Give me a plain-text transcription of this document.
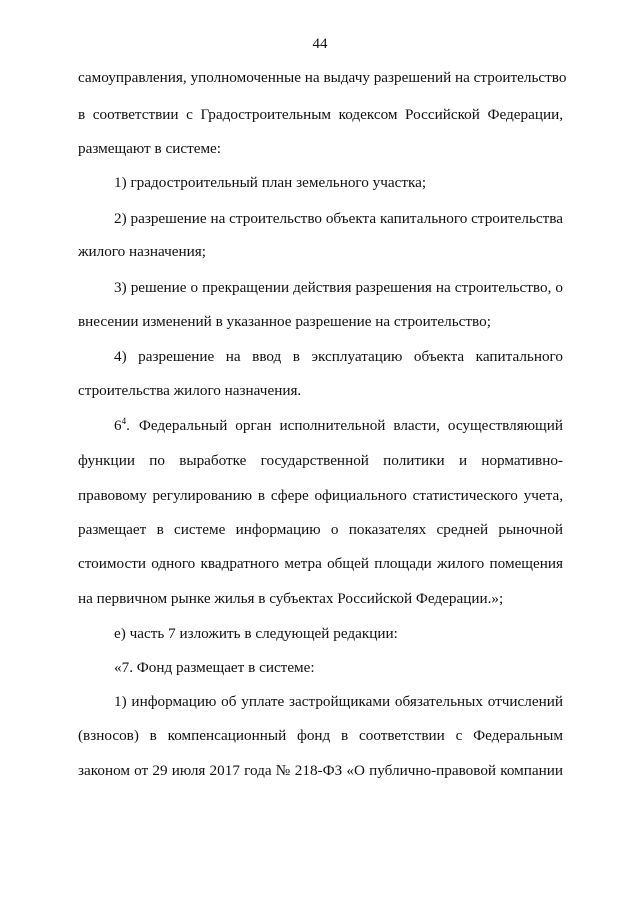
44
самоуправления, уполномоченные на выдачу разрешений на строительство
в соответствии с Градостроительным кодексом Российской Федерации,
размещают в системе:
1) градостроительный план земельного участка;
2) разрешение на строительство объекта капитального строительства
жилого назначения;
3) решение о прекращении действия разрешения на строительство, о
внесении изменений в указанное разрешение на строительство;
4) разрешение на ввод в эксплуатацию объекта капитального
строительства жилого назначения.
$6^4$. Федеральный орган исполнительной власти, осуществляющий
функции по выработке государственной политики и нормативно-
правовому регулированию в сфере официального статистического учета,
размещает в системе информацию о показателях средней рыночной
стоимости одного квадратного метра общей площади жилого помещения
на первичном рынке жилья в субъектах Российской Федерации.»;
е) часть 7 изложить в следующей редакции:
«7. Фонд размещает в системе:
1) информацию об уплате застройщиками обязательных отчислений
(взносов) в компенсационный фонд в соответствии с Федеральным
законом от 29 июля 2017 года № 218-ФЗ «О публично-правовой компании
